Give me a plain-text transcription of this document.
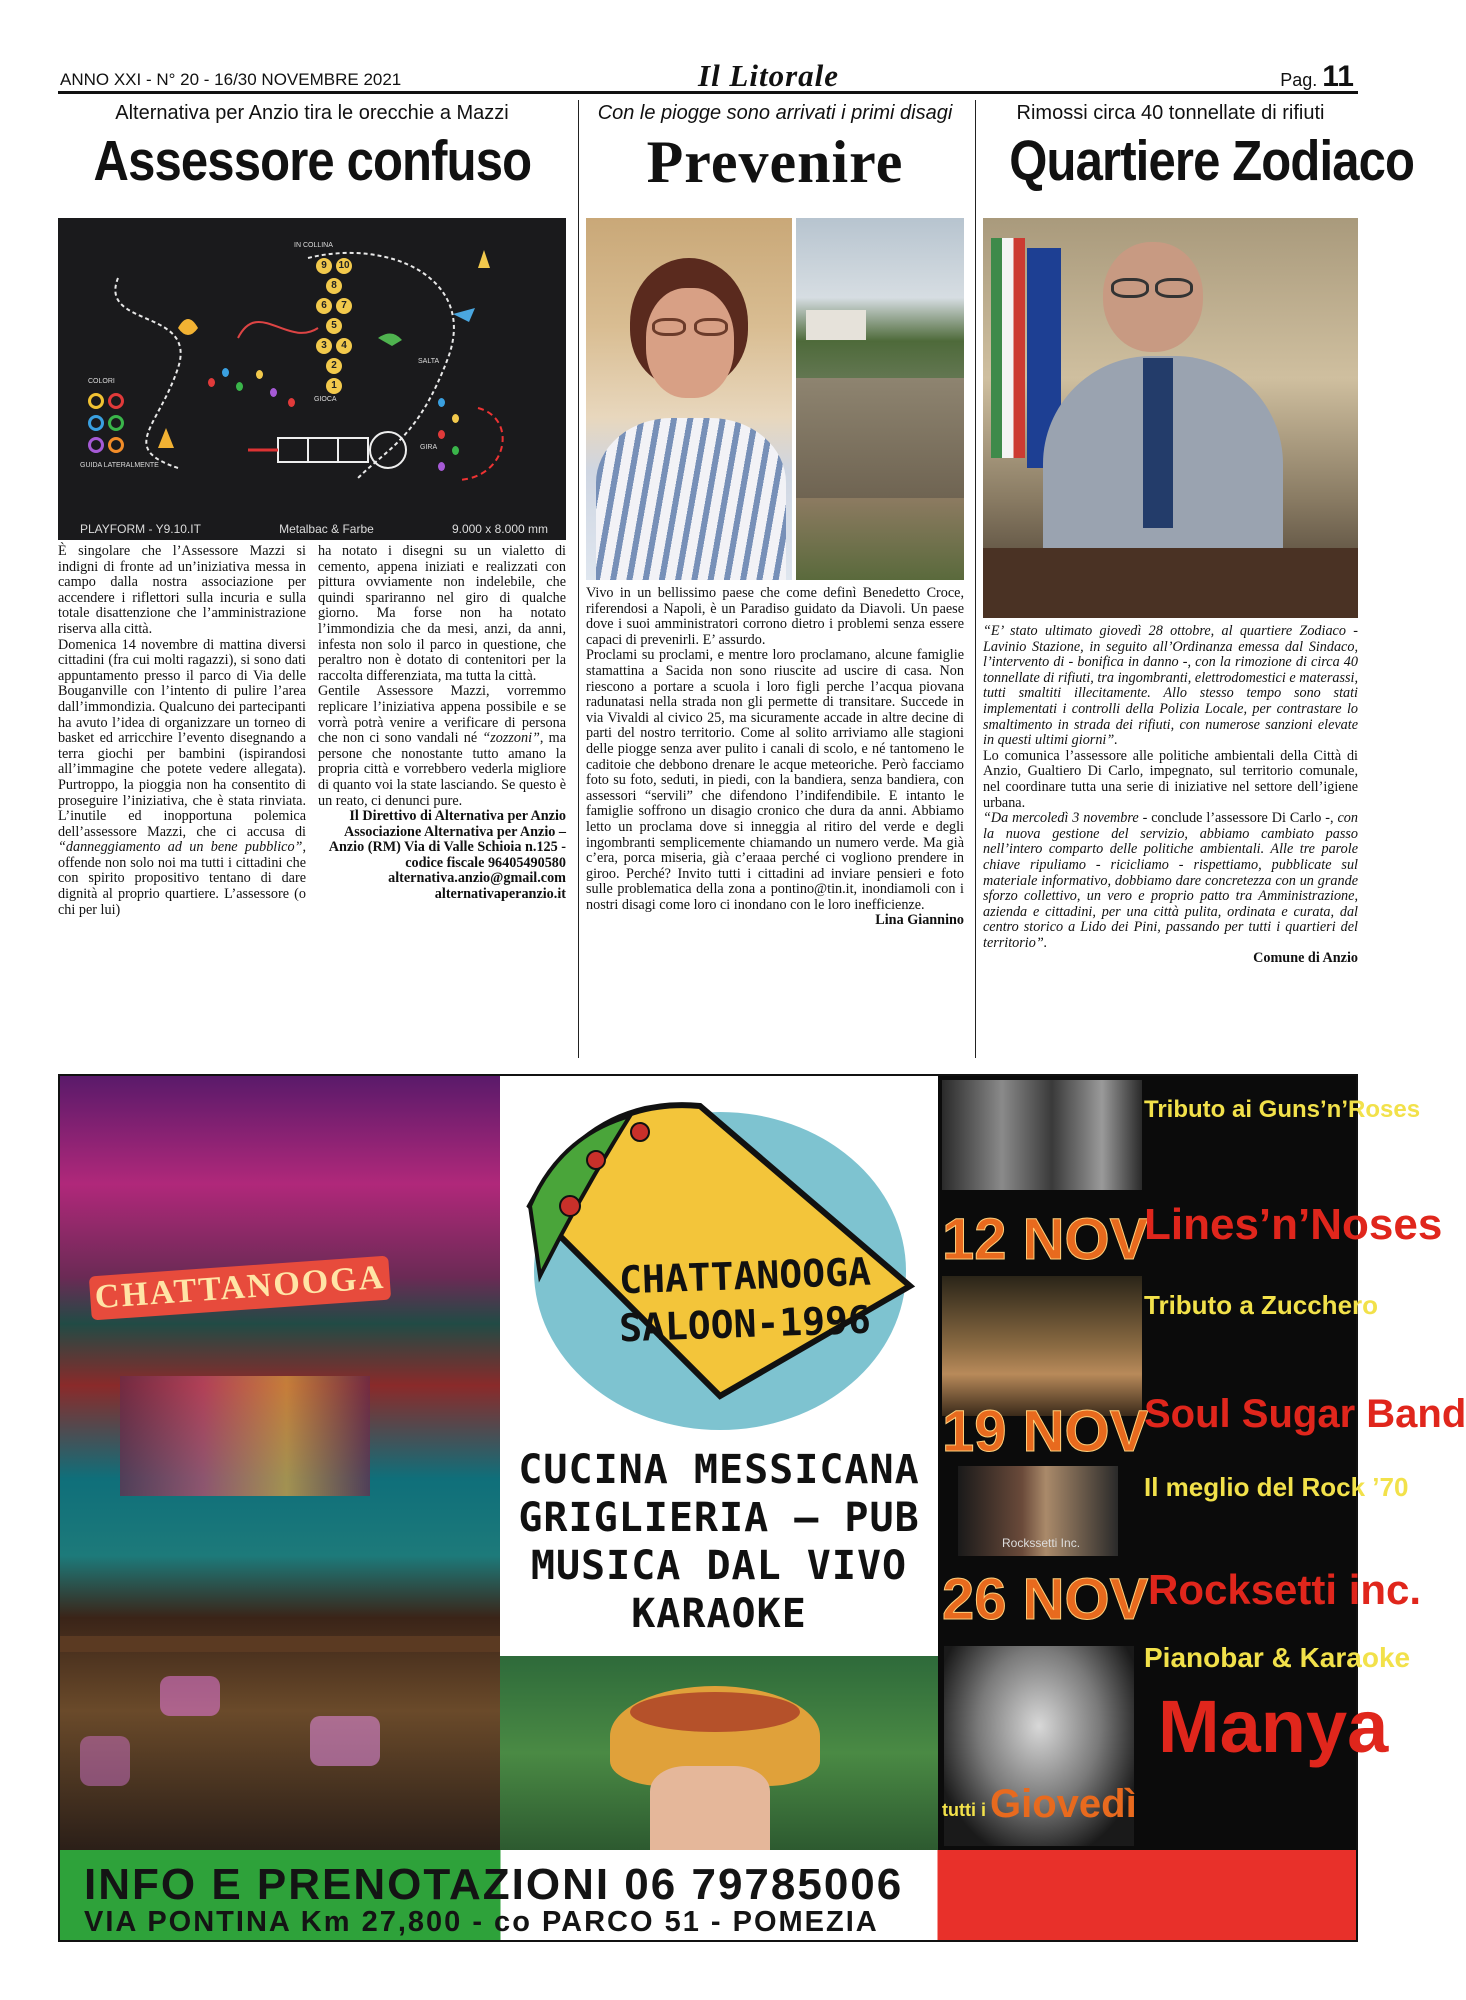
ANNO XXI - N° 20 - 16/30 NOVEMBRE 2021	Il Litorale	Pag. 11
Alternativa per Anzio tira le orecchie a Mazzi
Assessore confuso
9	10
8
6	7
5
3	4
2
1
IN COLLINA
GIOCA
COLORI
GUIDA LATERALMENTE
SALTA
GIRA
PLAYFORM - Y9.10.IT	Metalbac & Farbe	9.000 x 8.000 mm

È singolare che l’Assessore Mazzi si indigni di fronte ad un’iniziativa messa in campo dalla nostra associazione per accendere i riflettori sulla incuria e sulla totale disattenzione che l’amministrazione riserva alla città.

Domenica 14 novembre di mattina diversi cittadini (fra cui molti ragazzi), si sono dati appuntamento presso il parco di Via delle Bouganville con l’intento di pulire l’area dall’immondizia. Qualcuno dei partecipanti ha avuto l’idea di organizzare un torneo di basket ed arricchire l’evento disegnando a terra giochi per bambini (ispirandosi all’immagine che potete vedere allegata). Purtroppo, la pioggia non ha consentito di proseguire l’iniziativa, che è stata rinviata. L’inutile ed inopportuna polemica dell’assessore Mazzi, che ci accusa di “danneggiamento ad un bene pubblico”, offende non solo noi ma tutti i cittadini che con spirito propositivo tentano di dare dignità al proprio quartiere. L’assessore (o chi per lui)

ha notato i disegni su un vialetto di cemento, appena iniziati e realizzati con pittura ovviamente non indelebile, che quindi spariranno nel giro di qualche giorno. Ma forse non ha notato l’immondizia che da mesi, anzi, da anni, infesta non solo il parco in questione, che peraltro non è dotato di contenitori per la raccolta differenziata, ma tutta la città.

Gentile Assessore Mazzi, vorremmo replicare l’iniziativa appena possibile e se vorrà potrà venire a verificare di persona che non ci sono vandali né “zozzoni”, ma persone che nonostante tutto amano la propria città e vorrebbero vederla migliore di quanto voi la state lasciando. Se questo è un reato, ci denunci pure.

Il Direttivo di Alternativa per Anzio
Associazione Alternativa per Anzio – Anzio (RM) Via di Valle Schioia n.125 - codice fiscale 96405490580
alternativa.anzio@gmail.com
alternativaperanzio.it
Con le piogge sono arrivati i primi disagi
Prevenire

Vivo in un bellissimo paese che come definì Benedetto Croce, riferendosi a Napoli, è un Paradiso guidato da Diavoli. Un paese dove i suoi amministratori corrono dietro i problemi senza essere capaci di prevenirli. E’ assurdo.

Proclami su proclami, e mentre loro proclamano, alcune famiglie stamattina a Sacida non sono riuscite ad uscire di casa. Non riescono a portare a scuola i loro figli perche l’acqua piovana radunatasi nella strada non gli permette di transitare. Succede in via Vivaldi al civico 25, ma sicuramente accade in altre decine di parti del nostro territorio. Come al solito arriviamo alle stagioni delle piogge senza aver pulito i canali di scolo, e né tantomeno le caditoie che debbono drenare le acque meteoriche. Però facciamo foto su foto, seduti, in piedi, con la bandiera, senza bandiera, con assessori “servili” che difendono l’indifendibile. E intanto le famiglie soffrono un disagio cronico che dura da anni. Abbiamo letto un proclama dove si inneggia al ritiro del verde e degli ingombranti semplicemente chiamando un numero verde. Ma già c’era, porca miseria, già c’eraaa perché ci vogliono prendere in giroo. Perché? Invito tutti i cittadini ad inviare pensieri e foto sulle problematica della zona a pontino@tin.it, inondiamoli con i nostri disagi come loro ci inondano con le loro inefficienze.

Lina Giannino
Rimossi circa 40 tonnellate di rifiuti
Quartiere Zodiaco

“E’ stato ultimato giovedì 28 ottobre, al quartiere Zodiaco - Lavinio Stazione, in seguito all’Ordinanza emessa dal Sindaco, l’intervento di - bonifica in danno -, con la rimozione di circa 40 tonnellate di rifiuti, tra ingombranti, elettrodomestici e materassi, tutti smaltiti illecitamente. Allo stesso tempo sono stati implementati i controlli della Polizia Locale, per contrastare lo smaltimento in strada dei rifiuti, con numerose sanzioni elevate in questi ultimi giorni”.

Lo comunica l’assessore alle politiche ambientali della Città di Anzio, Gualtiero Di Carlo, impegnato, sul territorio comunale, nel coordinare tutta una serie di iniziative nel settore dell’igiene urbana.

“Da mercoledì 3 novembre - conclude l’assessore Di Carlo -, con la nuova gestione del servizio, abbiamo cambiato passo nell’intero comparto delle politiche ambientali. Alle tre parole chiave ripuliamo - ricicliamo - rispettiamo, pubblicate sul materiale informativo, dobbiamo dare concretezza con un grande sforzo collettivo, un vero e proprio patto tra Amministrazione, azienda e cittadini, per una città pulita, ordinata e curata, dal centro storico a Lido dei Pini, passando per tutti i quartieri del territorio”.

Comune di Anzio
CHATTANOOGA	CHATTANOOGA
SALOON-1996
CUCINA MESSICANA
GRIGLIERIA – PUB
MUSICA DAL VIVO
KARAOKE
Tributo ai Guns’n’Roses
12 NOV
Lines’n’Noses
Tributo a Zucchero
19 NOV
Soul Sugar Band
Il meglio del Rock ’70
Rockssetti Inc.
26 NOV Rocksetti inc.
Pianobar & Karaoke
Manya
tutti i Giovedì
INFO E PRENOTAZIONI 06 79785006
VIA PONTINA Km 27,800 - co PARCO 51 - POMEZIA
